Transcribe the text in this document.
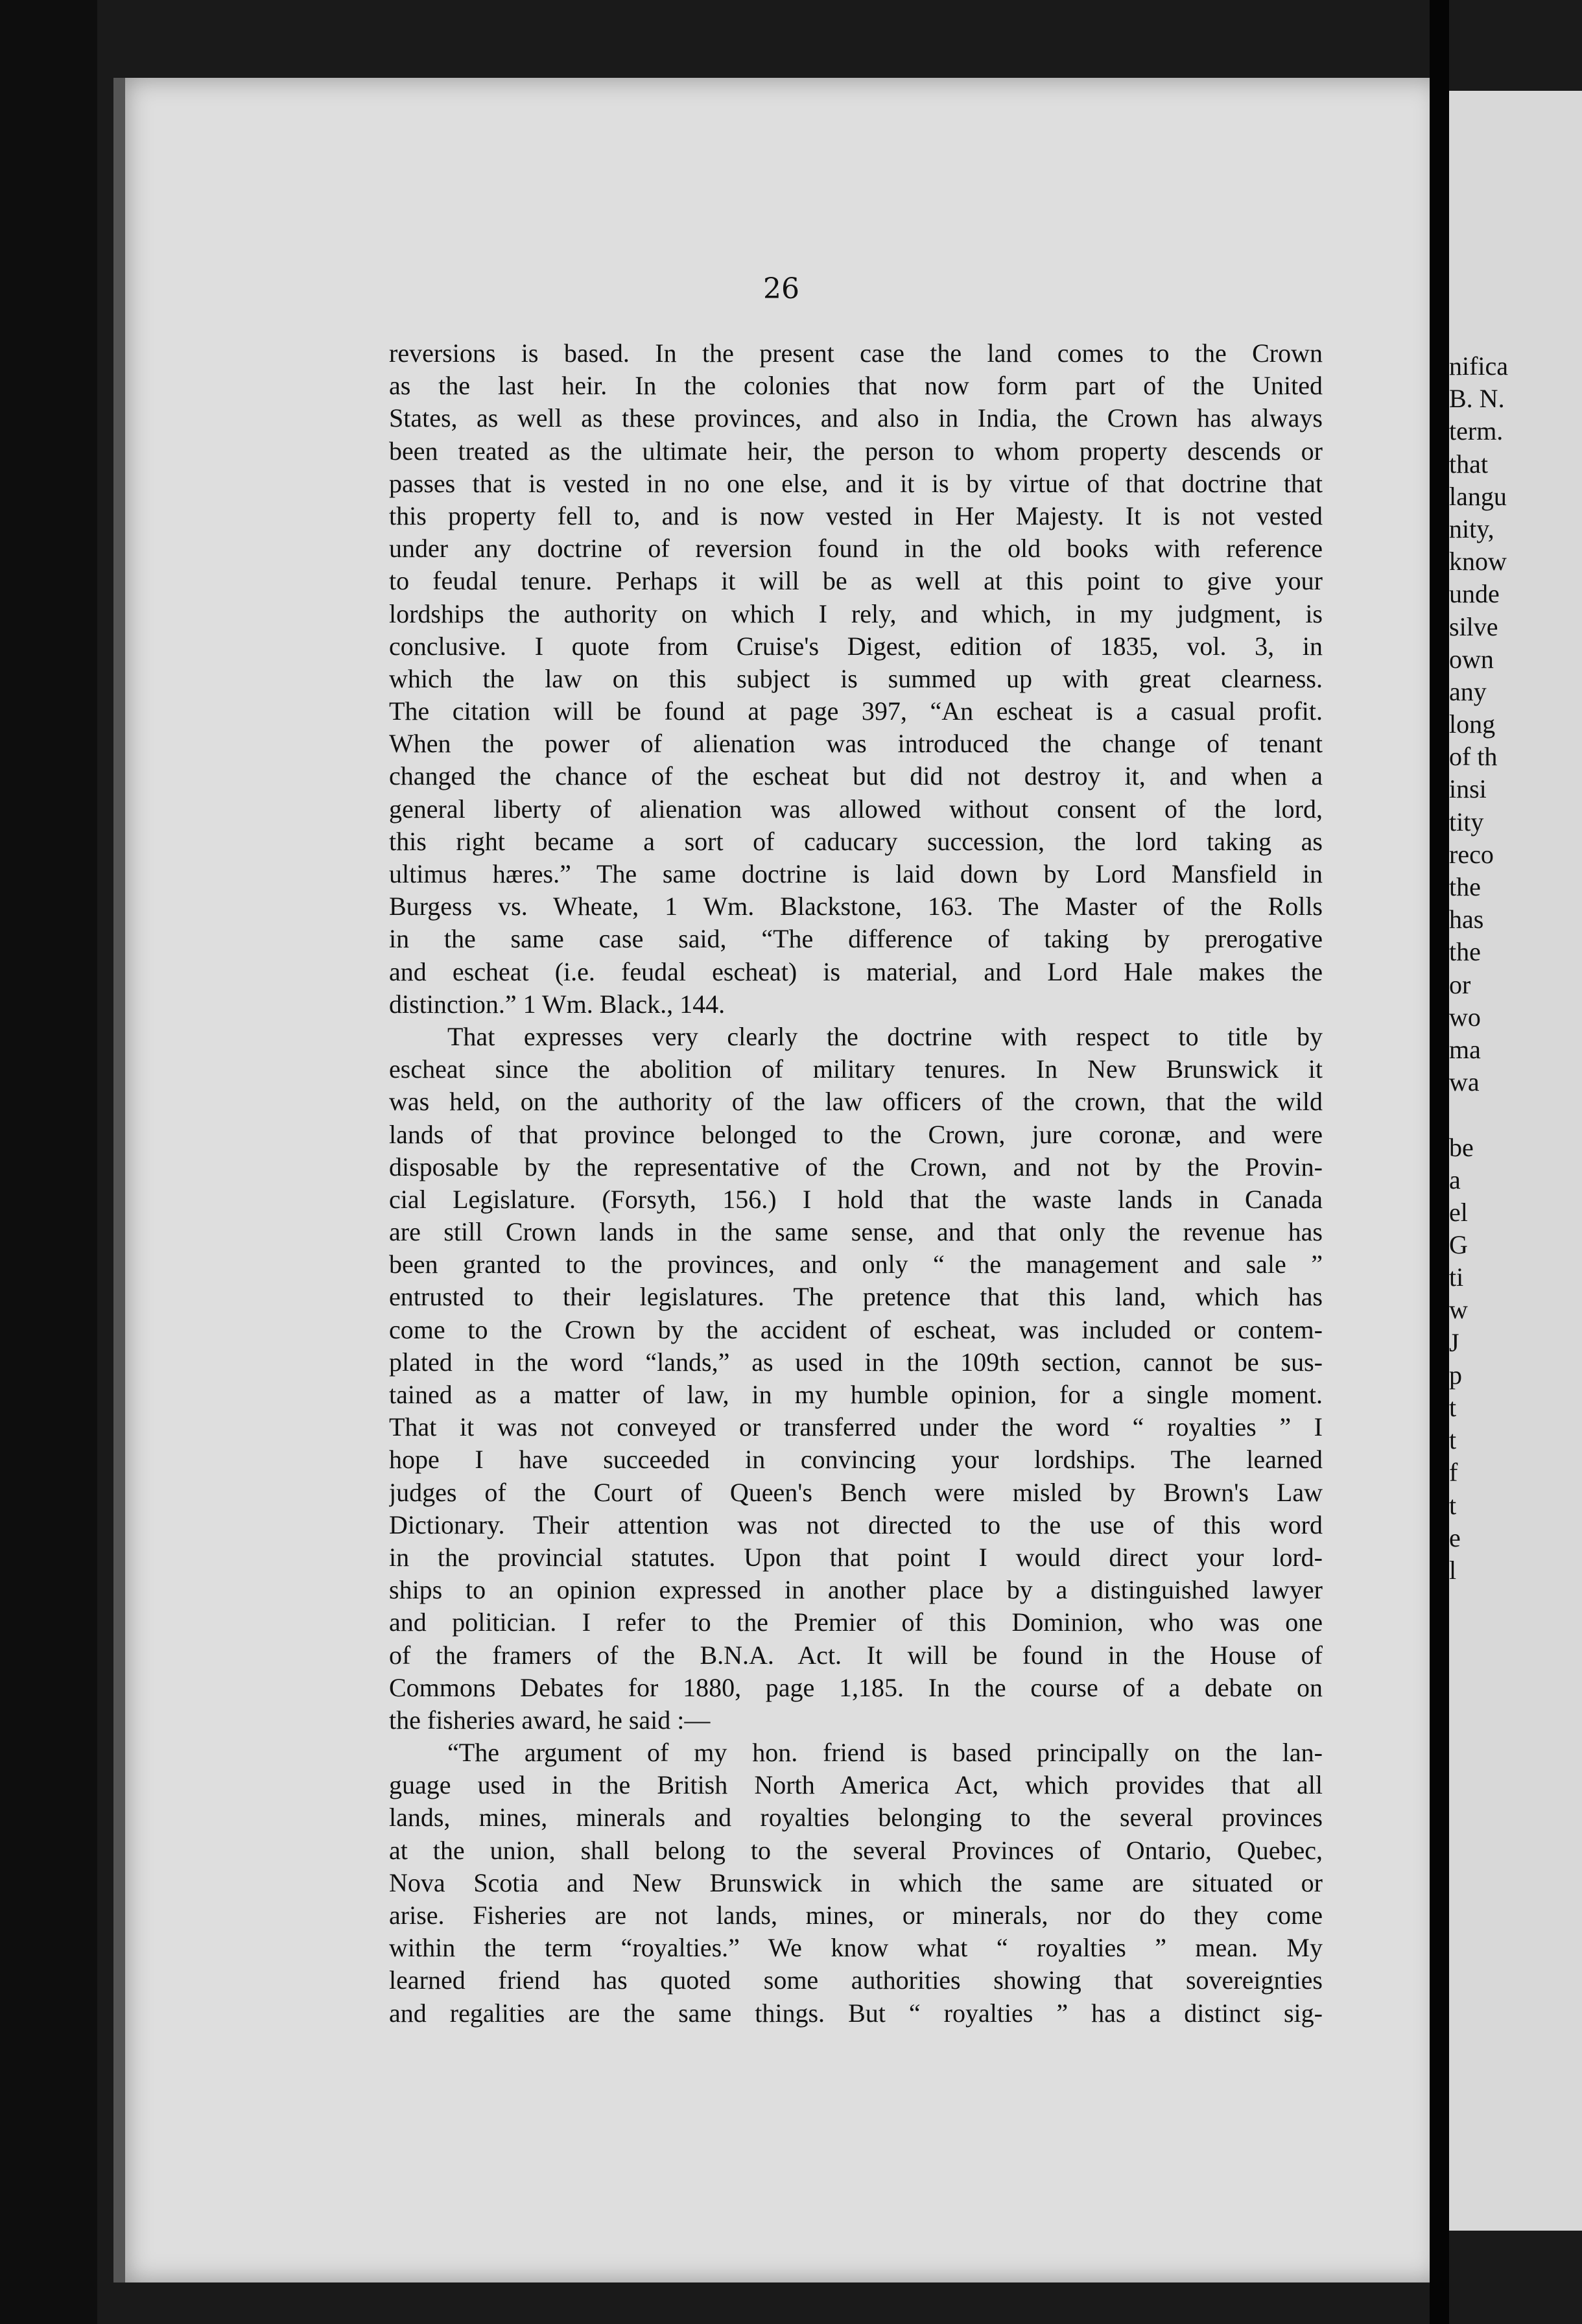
26
reversions is based. In the present case the land comes to the Crown
as the last heir. In the colonies that now form part of the United
States, as well as these provinces, and also in India, the Crown has always
been treated as the ultimate heir, the person to whom property descends or
passes that is vested in no one else, and it is by virtue of that doctrine that
this property fell to, and is now vested in Her Majesty. It is not vested
under any doctrine of reversion found in the old books with reference
to feudal tenure. Perhaps it will be as well at this point to give your
lordships the authority on which I rely, and which, in my judgment, is
conclusive. I quote from Cruise's Digest, edition of 1835, vol. 3, in
which the law on this subject is summed up with great clearness.
The citation will be found at page 397, “An escheat is a casual profit.
When the power of alienation was introduced the change of tenant
changed the chance of the escheat but did not destroy it, and when a
general liberty of alienation was allowed without consent of the lord,
this right became a sort of caducary succession, the lord taking as
ultimus hæres.” The same doctrine is laid down by Lord Mansfield in
Burgess vs. Wheate, 1 Wm. Blackstone, 163. The Master of the Rolls
in the same case said, “The difference of taking by prerogative
and escheat (i.e. feudal escheat) is material, and Lord Hale makes the
distinction.” 1 Wm. Black., 144.
That expresses very clearly the doctrine with respect to title by
escheat since the abolition of military tenures. In New Brunswick it
was held, on the authority of the law officers of the crown, that the wild
lands of that province belonged to the Crown, jure coronæ, and were
disposable by the representative of the Crown, and not by the Provin-
cial Legislature. (Forsyth, 156.) I hold that the waste lands in Canada
are still Crown lands in the same sense, and that only the revenue has
been granted to the provinces, and only “ the management and sale ”
entrusted to their legislatures. The pretence that this land, which has
come to the Crown by the accident of escheat, was included or contem-
plated in the word “lands,” as used in the 109th section, cannot be sus-
tained as a matter of law, in my humble opinion, for a single moment.
That it was not conveyed or transferred under the word “ royalties ” I
hope I have succeeded in convincing your lordships. The learned
judges of the Court of Queen's Bench were misled by Brown's Law
Dictionary. Their attention was not directed to the use of this word
in the provincial statutes. Upon that point I would direct your lord-
ships to an opinion expressed in another place by a distinguished lawyer
and politician. I refer to the Premier of this Dominion, who was one
of the framers of the B.N.A. Act. It will be found in the House of
Commons Debates for 1880, page 1,185. In the course of a debate on
the fisheries award, he said :—
“The argument of my hon. friend is based principally on the lan-
guage used in the British North America Act, which provides that all
lands, mines, minerals and royalties belonging to the several provinces
at the union, shall belong to the several Provinces of Ontario, Quebec,
Nova Scotia and New Brunswick in which the same are situated or
arise. Fisheries are not lands, mines, or minerals, nor do they come
within the term “royalties.” We know what “ royalties ” mean. My
learned friend has quoted some authorities showing that sovereignties
and regalities are the same things. But “ royalties ” has a distinct sig-
nifica
B. N.
term.
that
langu
nity,
know
unde
silve
own
any
long
of th
insi
tity
reco
the
has
the
or
wo
ma
wa
be
a
el
G
ti
w
J
p
t
t
f
t
e
l
